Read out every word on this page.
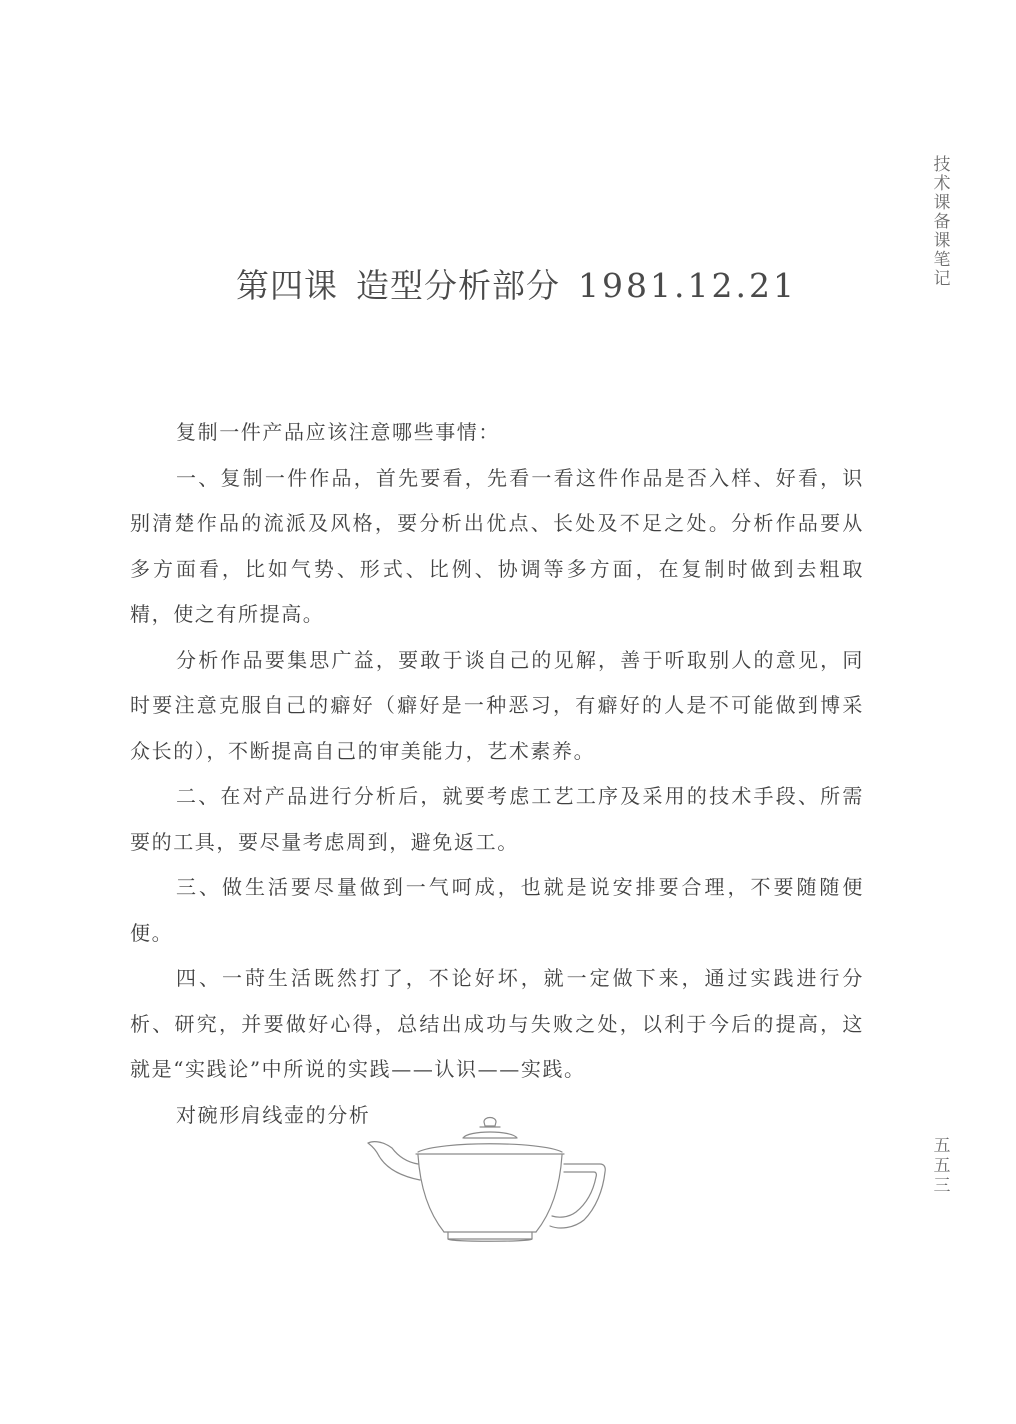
技术课备课笔记
第四课 造型分析部分 1981.12.21

复制一件产品应该注意哪些事情：

一、复制一件作品，首先要看，先看一看这件作品是否入样、好看，识别清楚作品的流派及风格，要分析出优点、长处及不足之处。分析作品要从多方面看，比如气势、形式、比例、协调等多方面，在复制时做到去粗取精，使之有所提高。

分析作品要集思广益，要敢于谈自己的见解，善于听取别人的意见，同时要注意克服自己的癖好（癖好是一种恶习，有癖好的人是不可能做到博采众长的），不断提高自己的审美能力，艺术素养。

二、在对产品进行分析后，就要考虑工艺工序及采用的技术手段、所需要的工具，要尽量考虑周到，避免返工。

三、做生活要尽量做到一气呵成，也就是说安排要合理，不要随随便便。

四、一莳生活既然打了，不论好坏，就一定做下来，通过实践进行分析、研究，并要做好心得，总结出成功与失败之处，以利于今后的提高，这就是“实践论”中所说的实践——认识——实践。

对碗形肩线壶的分析

五五三
